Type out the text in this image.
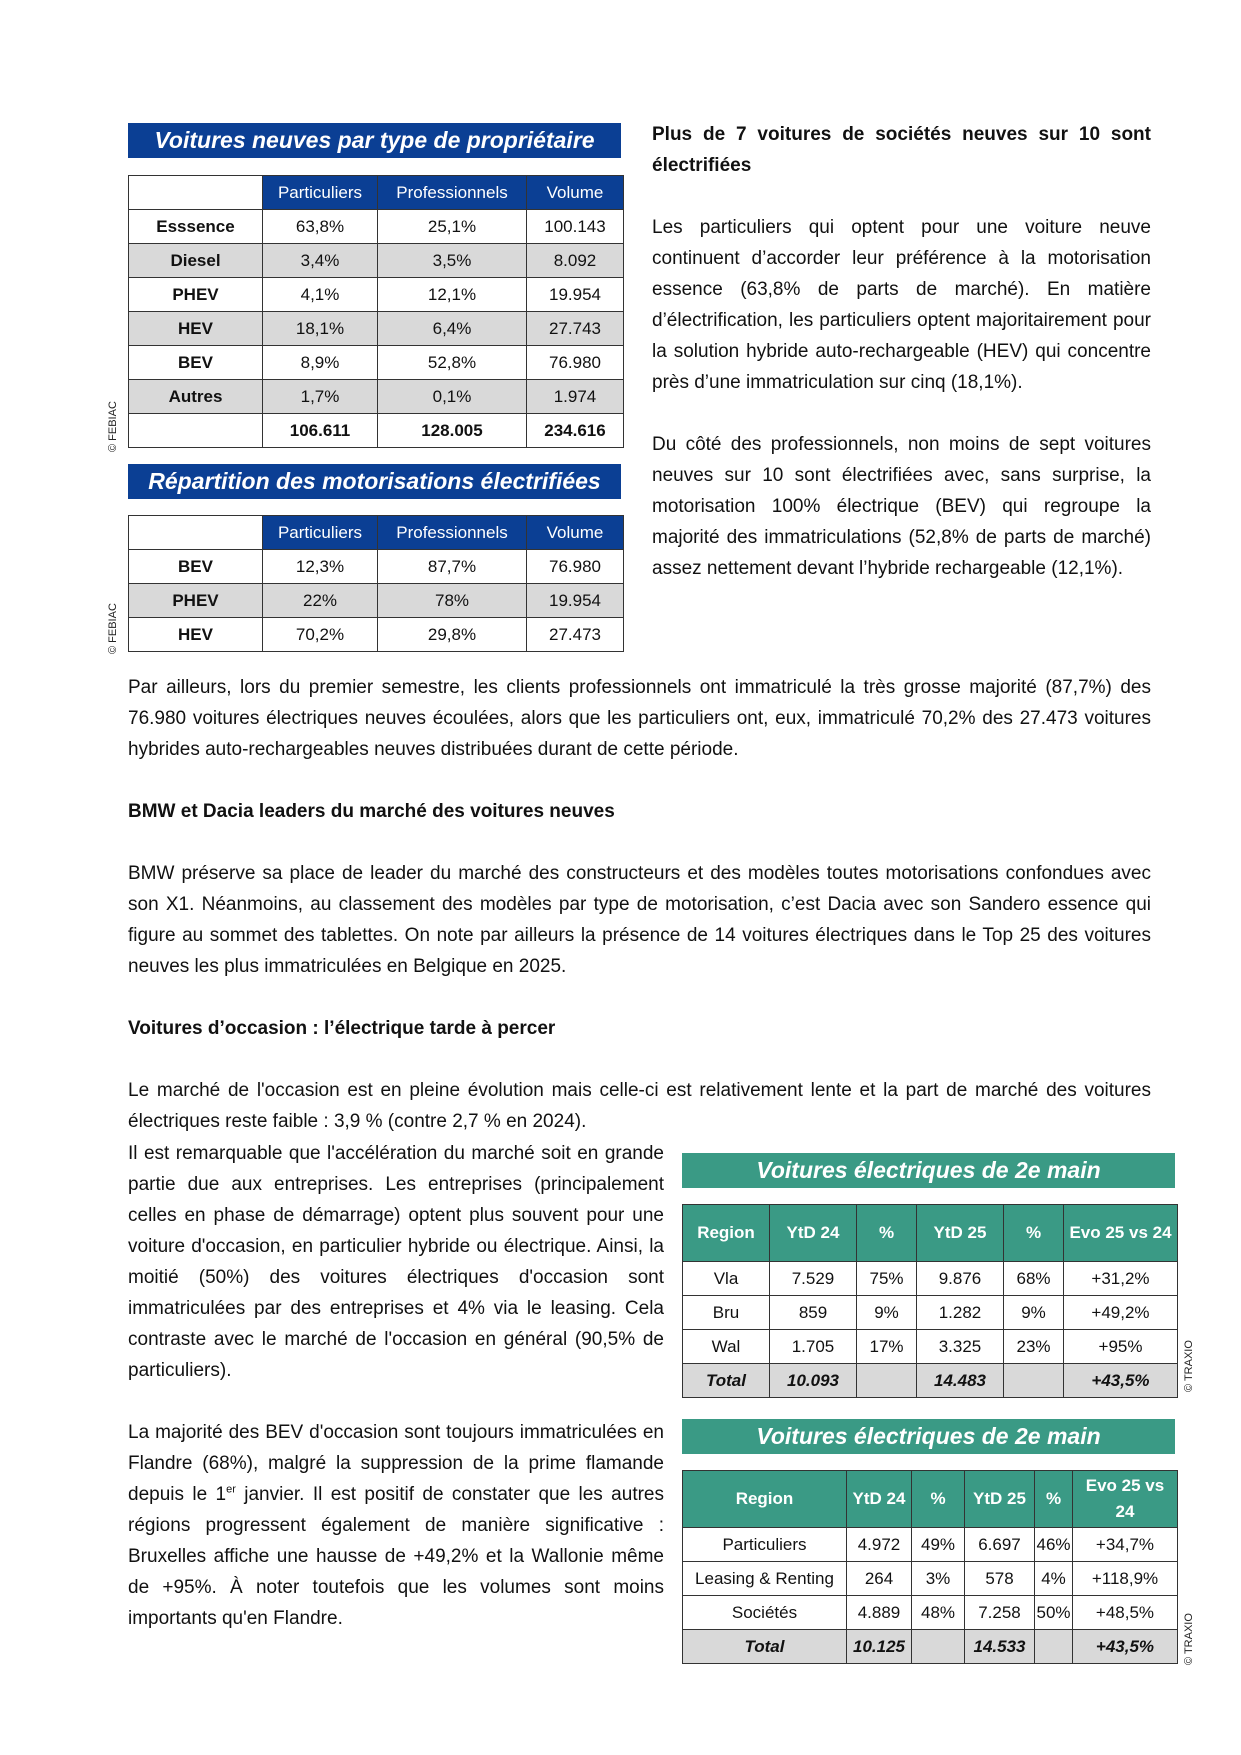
Voitures neuves par type de propriétaire
	Particuliers	Professionnels	Volume
Esssence	63,8%	25,1%	100.143
Diesel	3,4%	3,5%	8.092
PHEV	4,1%	12,1%	19.954
HEV	18,1%	6,4%	27.743
BEV	8,9%	52,8%	76.980
Autres	1,7%	0,1%	1.974
	106.611	128.005	234.616
© FEBIAC
Répartition des motorisations électrifiées
	Particuliers	Professionnels	Volume
BEV	12,3%	87,7%	76.980
PHEV	22%	78%	19.954
HEV	70,2%	29,8%	27.473
© FEBIAC

Plus de 7 voitures de sociétés neuves sur 10 sont électrifiées

Les particuliers qui optent pour une voiture neuve continuent d’accorder leur préférence à la motorisation essence (63,8% de parts de marché). En matière d’électrification, les particuliers optent majoritairement pour la solution hybride auto-rechargeable (HEV) qui concentre près d’une immatriculation sur cinq (18,1%).

Du côté des professionnels, non moins de sept voitures neuves sur 10 sont électrifiées avec, sans surprise, la motorisation 100% électrique (BEV) qui regroupe la majorité des immatriculations (52,8% de parts de marché) assez nettement devant l’hybride rechargeable (12,1%).

Par ailleurs, lors du premier semestre, les clients professionnels ont immatriculé la très grosse majorité (87,7%) des 76.980 voitures électriques neuves écoulées, alors que les particuliers ont, eux, immatriculé 70,2% des 27.473 voitures hybrides auto-rechargeables neuves distribuées durant de cette période.

BMW et Dacia leaders du marché des voitures neuves

BMW préserve sa place de leader du marché des constructeurs et des modèles toutes motorisations confondues avec son X1. Néanmoins, au classement des modèles par type de motorisation, c’est Dacia avec son Sandero essence qui figure au sommet des tablettes. On note par ailleurs la présence de 14 voitures électriques dans le Top 25 des voitures neuves les plus immatriculées en Belgique en 2025.

Voitures d’occasion : l’électrique tarde à percer

Le marché de l'occasion est en pleine évolution mais celle-ci est relativement lente et la part de marché des voitures électriques reste faible : 3,9 % (contre 2,7 % en 2024).

Il est remarquable que l'accélération du marché soit en grande partie due aux entreprises. Les entreprises (principalement celles en phase de démarrage) optent plus souvent pour une voiture d'occasion, en particulier hybride ou électrique. Ainsi, la moitié (50%) des voitures électriques d'occasion sont immatriculées par des entreprises et 4% via le leasing. Cela contraste avec le marché de l'occasion en général (90,5% de particuliers).

La majorité des BEV d'occasion sont toujours immatriculées en Flandre (68%), malgré la suppression de la prime flamande depuis le 1er janvier. Il est positif de constater que les autres régions progressent également de manière significative : Bruxelles affiche une hausse de +49,2% et la Wallonie même de +95%. À noter toutefois que les volumes sont moins importants qu'en Flandre.

Voitures électriques de 2e main
Region	YtD 24	%	YtD 25	%	Evo 25 vs 24
Vla	7.529	75%	9.876	68%	+31,2%
Bru	859	9%	1.282	9%	+49,2%
Wal	1.705	17%	3.325	23%	+95%
Total	10.093		14.483		+43,5%	© TRAXIO
Voitures électriques de 2e main
Region	YtD 24	%	YtD 25	%	Evo 25 vs 24
Particuliers	4.972	49%	6.697	46%	+34,7%
Leasing & Renting	264	3%	578	4%	+118,9%
Sociétés	4.889	48%	7.258	50%	+48,5%
Total	10.125		14.533		+43,5%	© TRAXIO
